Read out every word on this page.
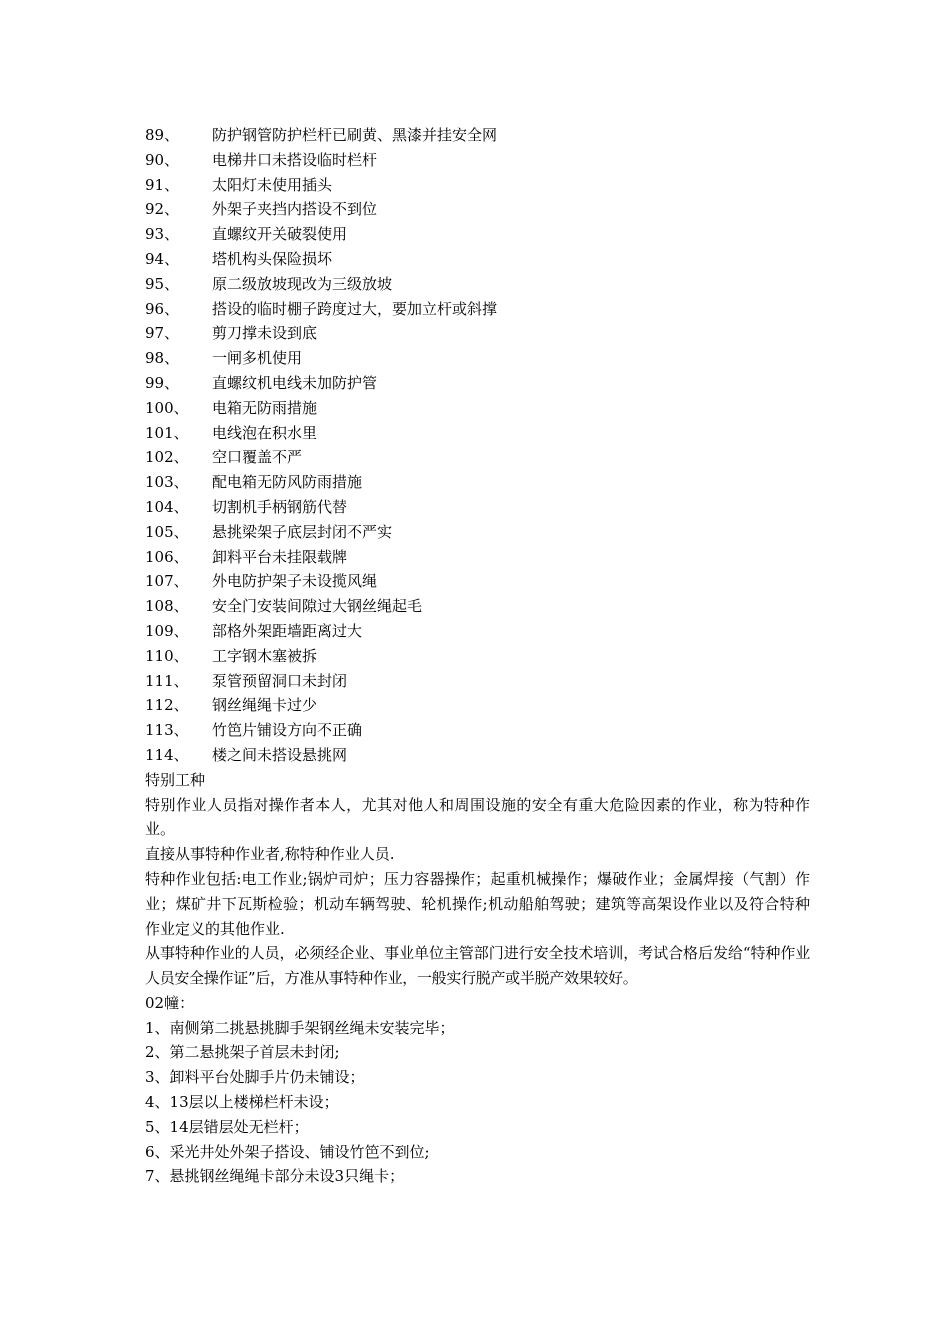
89、	防护钢管防护栏杆已刷黄、黑漆并挂安全网
90、	电梯井口未搭设临时栏杆
91、	太阳灯未使用插头
92、	外架子夹挡内搭设不到位
93、	直螺纹开关破裂使用
94、	塔机构头保险损坏
95、	原二级放坡现改为三级放坡
96、	搭设的临时棚子跨度过大，要加立杆或斜撑
97、	剪刀撑未设到底
98、	一闸多机使用
99、	直螺纹机电线未加防护管
100、	电箱无防雨措施
101、	电线泡在积水里
102、	空口覆盖不严
103、	配电箱无防风防雨措施
104、	切割机手柄钢筋代替
105、	悬挑梁架子底层封闭不严实
106、	卸料平台未挂限载牌
107、	外电防护架子未设揽风绳
108、	安全门安装间隙过大钢丝绳起毛
109、	部格外架距墙距离过大
110、	工字钢木塞被拆
111、	泵管预留洞口未封闭
112、	钢丝绳绳卡过少
113、	竹笆片铺设方向不正确
114、	楼之间未搭设悬挑网
特别工种
特别作业人员指对操作者本人，尤其对他人和周围设施的安全有重大危险因素的作业，称为特种作业。
直接从事特种作业者,称特种作业人员.
特种作业包括:电工作业;锅炉司炉；压力容器操作；起重机械操作；爆破作业；金属焊接（气割）作业；煤矿井下瓦斯检验；机动车辆驾驶、轮机操作;机动船舶驾驶；建筑等高架设作业以及符合特种作业定义的其他作业.
从事特种作业的人员，必须经企业、事业单位主管部门进行安全技术培训，考试合格后发给“特种作业人员安全操作证”后，方准从事特种作业，一般实行脱产或半脱产效果较好。
02幢：
1、南侧第二挑悬挑脚手架钢丝绳未安装完毕；
2、第二悬挑架子首层未封闭;
3、卸料平台处脚手片仍未铺设；
4、13层以上楼梯栏杆未设；
5、14层错层处无栏杆；
6、采光井处外架子搭设、铺设竹笆不到位;
7、悬挑钢丝绳绳卡部分未设3只绳卡；
